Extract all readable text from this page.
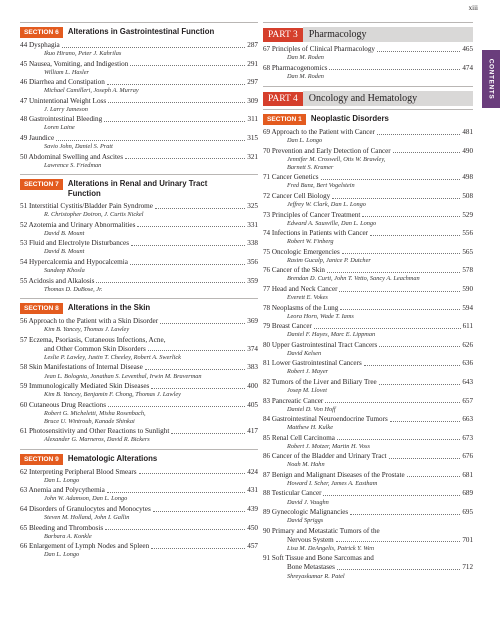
xiii
CONTENTS
SECTION 6	Alterations in Gastrointestinal Function
44 Dysphagia	287
Ikuo Hirano, Peter J. Kahrilas
45 Nausea, Vomiting, and Indigestion	291
William L. Hasler
46 Diarrhea and Constipation	297
Michael Camilleri, Joseph A. Murray
47 Unintentional Weight Loss	309
J. Larry Jameson
48 Gastrointestinal Bleeding	311
Loren Laine
49 Jaundice	315
Savio John, Daniel S. Pratt
50 Abdominal Swelling and Ascites	321
Lawrence S. Friedman
SECTION 7	Alterations in Renal and Urinary Tract
Function
51 Interstitial Cystitis/Bladder Pain Syndrome	325
R. Christopher Doiron, J. Curtis Nickel
52 Azotemia and Urinary Abnormalities	331
David B. Mount
53 Fluid and Electrolyte Disturbances	338
David B. Mount
54 Hypercalcemia and Hypocalcemia	356
Sundeep Khosla
55 Acidosis and Alkalosis	359
Thomas D. DuBose, Jr.
SECTION 8	Alterations in the Skin
56 Approach to the Patient with a Skin Disorder	369
Kim B. Yancey, Thomas J. Lawley
57 Eczema, Psoriasis, Cutaneous Infections, Acne,
and Other Common Skin Disorders	374
Leslie P. Lawley, Justin T. Cheeley, Robert A. Swerlick
58 Skin Manifestations of Internal Disease	383
Jean L. Bolognia, Jonathan S. Leventhal, Irwin M. Braverman
59 Immunologically Mediated Skin Diseases	400
Kim B. Yancey, Benjamin F. Chong, Thomas J. Lawley
60 Cutaneous Drug Reactions	405
Robert G. Micheletti, Misha Rosenbach,
Bruce U. Wintroub, Kanade Shinkai
61 Photosensitivity and Other Reactions to Sunlight	417
Alexander G. Marneros, David R. Bickers
SECTION 9	Hematologic Alterations
62 Interpreting Peripheral Blood Smears	424
Dan L. Longo
63 Anemia and Polycythemia	431
John W. Adamson, Dan L. Longo
64 Disorders of Granulocytes and Monocytes	439
Steven M. Holland, John I. Gallin
65 Bleeding and Thrombosis	450
Barbara A. Konkle
66 Enlargement of Lymph Nodes and Spleen	457
Dan L. Longo
PART 3	Pharmacology
67 Principles of Clinical Pharmacology	465
Dan M. Roden
68 Pharmacogenomics	474
Dan M. Roden
PART 4	Oncology and Hematology
SECTION 1	Neoplastic Disorders
69 Approach to the Patient with Cancer	481
Dan L. Longo
70 Prevention and Early Detection of Cancer	490
Jennifer M. Croswell, Otis W. Brawley,
Barnett S. Kramer
71 Cancer Genetics	498
Fred Bunz, Bert Vogelstein
72 Cancer Cell Biology	508
Jeffrey W. Clark, Dan L. Longo
73 Principles of Cancer Treatment	529
Edward A. Sausville, Dan L. Longo
74 Infections in Patients with Cancer	556
Robert W. Finberg
75 Oncologic Emergencies	565
Rasim Gucalp, Janice P. Dutcher
76 Cancer of the Skin	578
Brendan D. Curti, John T. Vetto, Sancy A. Leachman
77 Head and Neck Cancer	590
Everett E. Vokes
78 Neoplasms of the Lung	594
Leora Horn, Wade T. Iams
79 Breast Cancer	611
Daniel F. Hayes, Marc E. Lippman
80 Upper Gastrointestinal Tract Cancers	626
David Kelsen
81 Lower Gastrointestinal Cancers	636
Robert J. Mayer
82 Tumors of the Liver and Biliary Tree	643
Josep M. Llovet
83 Pancreatic Cancer	657
Daniel D. Von Hoff
84 Gastrointestinal Neuroendocrine Tumors	663
Matthew H. Kulke
85 Renal Cell Carcinoma	673
Robert J. Motzer, Martin H. Voss
86 Cancer of the Bladder and Urinary Tract	676
Noah M. Hahn
87 Benign and Malignant Diseases of the Prostate	681
Howard I. Scher, James A. Eastham
88 Testicular Cancer	689
David J. Vaughn
89 Gynecologic Malignancies	695
David Spriggs
90 Primary and Metastatic Tumors of the
Nervous System	701
Lisa M. DeAngelis, Patrick Y. Wen
91 Soft Tissue and Bone Sarcomas and
Bone Metastases	712
Shreyaskumar R. Patel
